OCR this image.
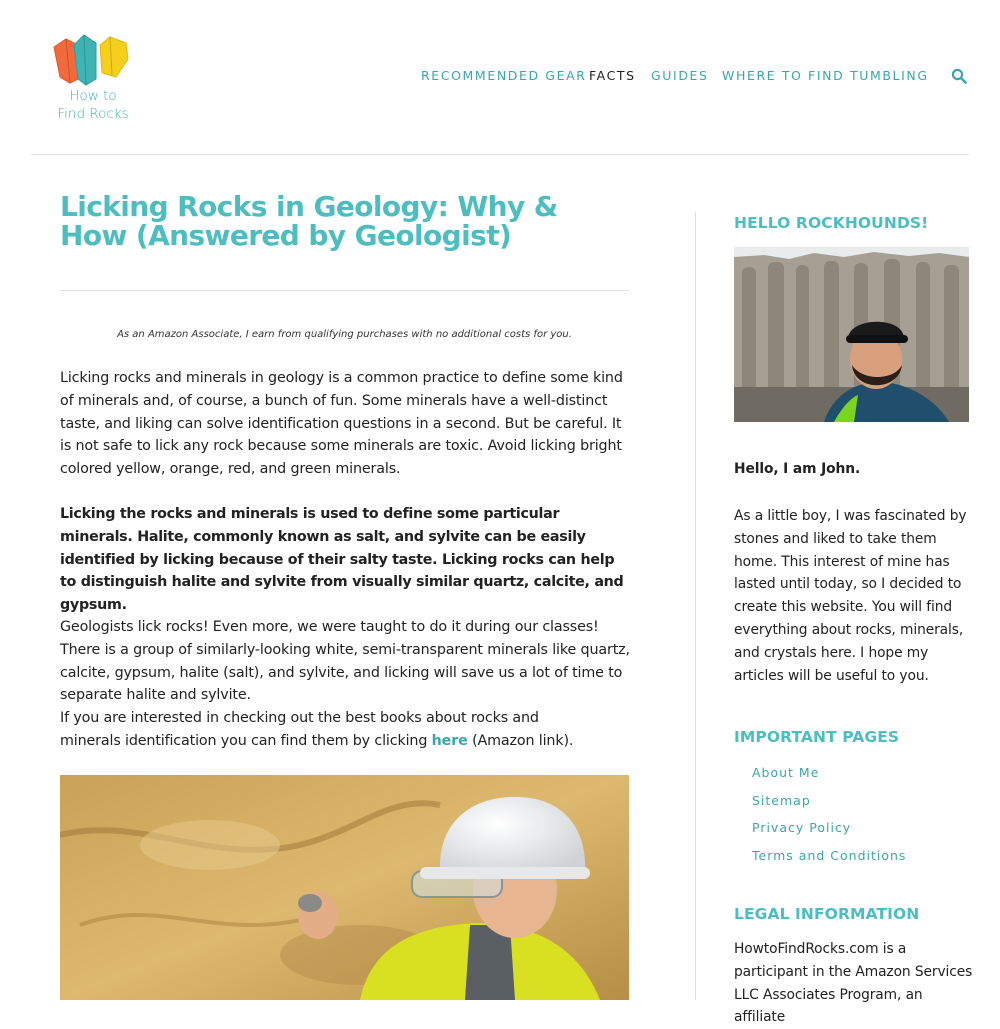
How to
Find Rocks
RECOMMENDED GEAR FACTS GUIDES WHERE TO FIND TUMBLING
Licking Rocks in Geology: Why & How (Answered by Geologist)

As an Amazon Associate, I earn from qualifying purchases with no additional costs for you.

Licking rocks and minerals in geology is a common practice to define some kind of minerals and, of course, a bunch of fun. Some minerals have a well-distinct taste, and liking can solve identification questions in a second. But be careful. It is not safe to lick any rock because some minerals are toxic. Avoid licking bright colored yellow, orange, red, and green minerals.

Licking the rocks and minerals is used to define some particular minerals. Halite, commonly known as salt, and sylvite can be easily identified by licking because of their salty taste. Licking rocks can help to distinguish halite and sylvite from visually similar quartz, calcite, and gypsum.

Geologists lick rocks! Even more, we were taught to do it during our classes! There is a group of similarly-looking white, semi-transparent minerals like quartz, calcite, gypsum, halite (salt), and sylvite, and licking will save us a lot of time to separate halite and sylvite.

If you are interested in checking out the best books about rocks and minerals identification you can find them by clicking here (Amazon link).

HELLO ROCKHOUNDS!

Hello, I am John.

As a little boy, I was fascinated by stones and liked to take them home. This interest of mine has lasted until today, so I decided to create this website. You will find everything about rocks, minerals, and crystals here. I hope my articles will be useful to you.

IMPORTANT PAGES
About Me
Sitemap
Privacy Policy
Terms and Conditions
LEGAL INFORMATION

HowtoFindRocks.com is a participant in the Amazon Services LLC Associates Program, an affiliate
